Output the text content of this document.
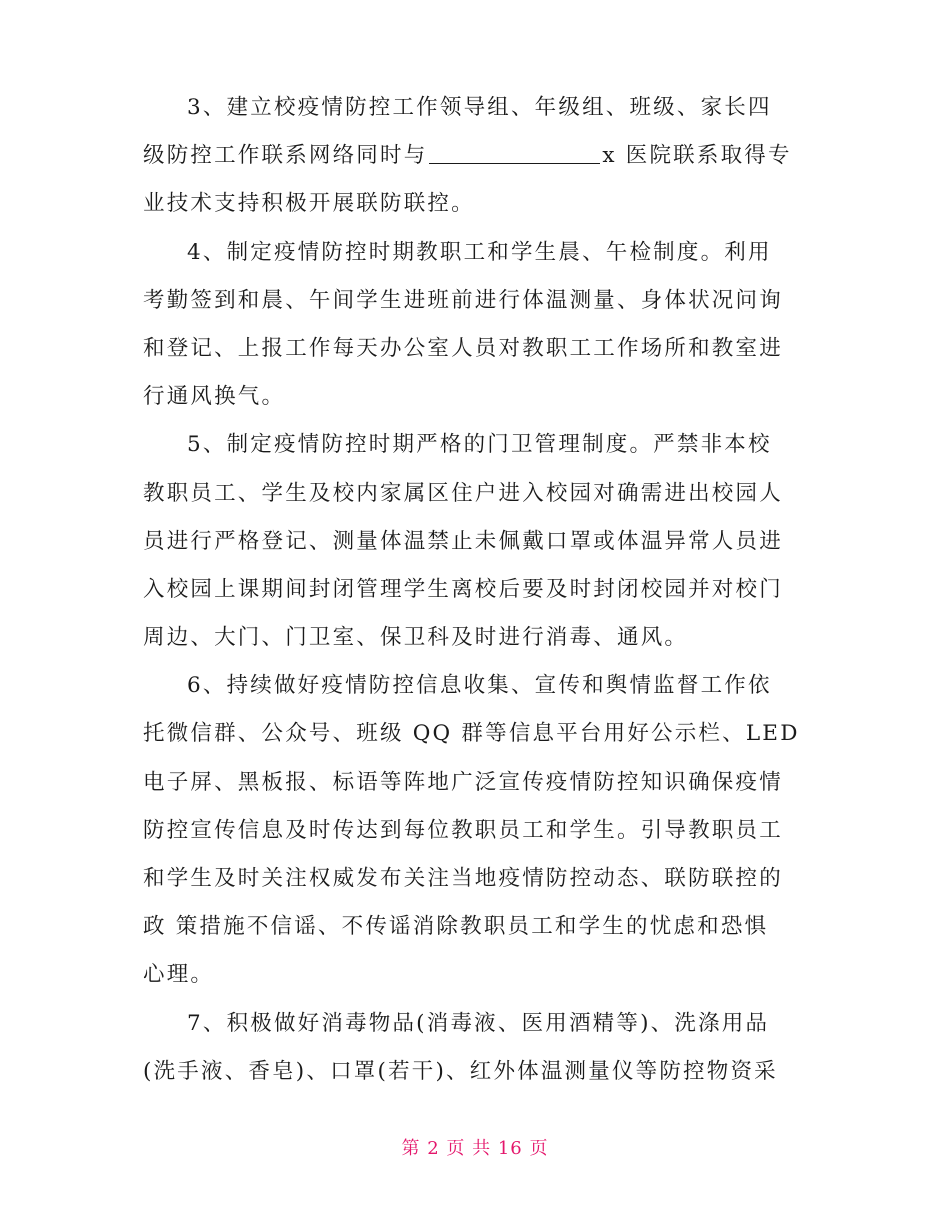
3、建立校疫情防控工作领导组、年级组、班级、家长四
级防控工作联系网络同时与	x 医院联系取得专
业技术支持积极开展联防联控。
4、制定疫情防控时期教职工和学生晨、午检制度。利用
考勤签到和晨、午间学生进班前进行体温测量、身体状况问询
和登记、上报工作每天办公室人员对教职工工作场所和教室进
行通风换气。
5、制定疫情防控时期严格的门卫管理制度。严禁非本校
教职员工、学生及校内家属区住户进入校园对确需进出校园人
员进行严格登记、测量体温禁止未佩戴口罩或体温异常人员进
入校园上课期间封闭管理学生离校后要及时封闭校园并对校门
周边、大门、门卫室、保卫科及时进行消毒、通风。
6、持续做好疫情防控信息收集、宣传和舆情监督工作依
托微信群、公众号、班级 QQ 群等信息平台用好公示栏、LED
电子屏、黑板报、标语等阵地广泛宣传疫情防控知识确保疫情
防控宣传信息及时传达到每位教职员工和学生。引导教职员工
和学生及时关注权威发布关注当地疫情防控动态、联防联控的
政 策措施不信谣、不传谣消除教职员工和学生的忧虑和恐惧
心理。
7、积极做好消毒物品(消毒液、医用酒精等)、洗涤用品
(洗手液、香皂)、口罩(若干)、红外体温测量仪等防控物资采
第 2 页 共 16 页
